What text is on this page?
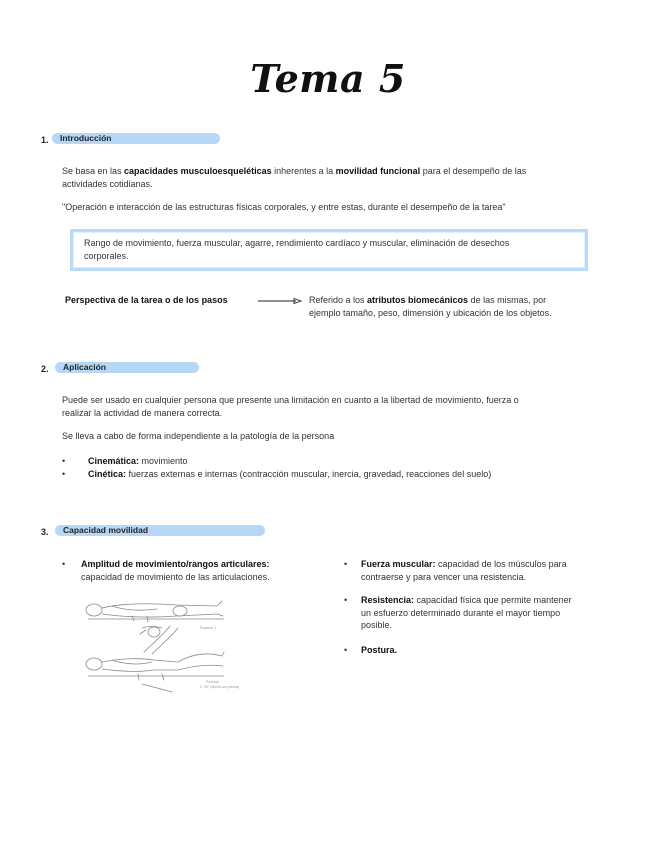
Tema 5
1.	Introducción
Se basa en las capacidades musculoesqueléticas inherentes a la movilidad funcional para el desempeño de las
actividades cotidianas.
"Operación e interacción de las estructuras físicas corporales, y entre estas, durante el desempeño de la tarea"
Rango de movimiento, fuerza muscular, agarre, rendimiento cardíaco y muscular, eliminación de desechos
corporales.
Perspectiva de la tarea o de los pasos	Referido a los atributos biomecánicos de las mismas, por
ejemplo tamaño, peso, dimensión y ubicación de los objetos.
2.	Aplicación
Puede ser usado en cualquier persona que presente una limitación en cuanto a la libertad de movimiento, fuerza o
realizar la actividad de manera correcta.
Se lleva a cabo de forma independiente a la patología de la persona
•	Cinemática: movimiento
•	Cinética: fuerzas externas e internas (contracción muscular, inercia, gravedad, reacciones del suelo)
3.	Capacidad movilidad
• Amplitud de movimiento/rangos articulares:
capacidad de movimiento de las articulaciones.
Posición 1
Posición
2: 90° (Muslo con pierna)
• Fuerza muscular: capacidad de los músculos para
contraerse y para vencer una resistencia.
• Resistencia: capacidad física que permite mantener
un esfuerzo determinado durante el mayor tiempo
posible.
• Postura.
